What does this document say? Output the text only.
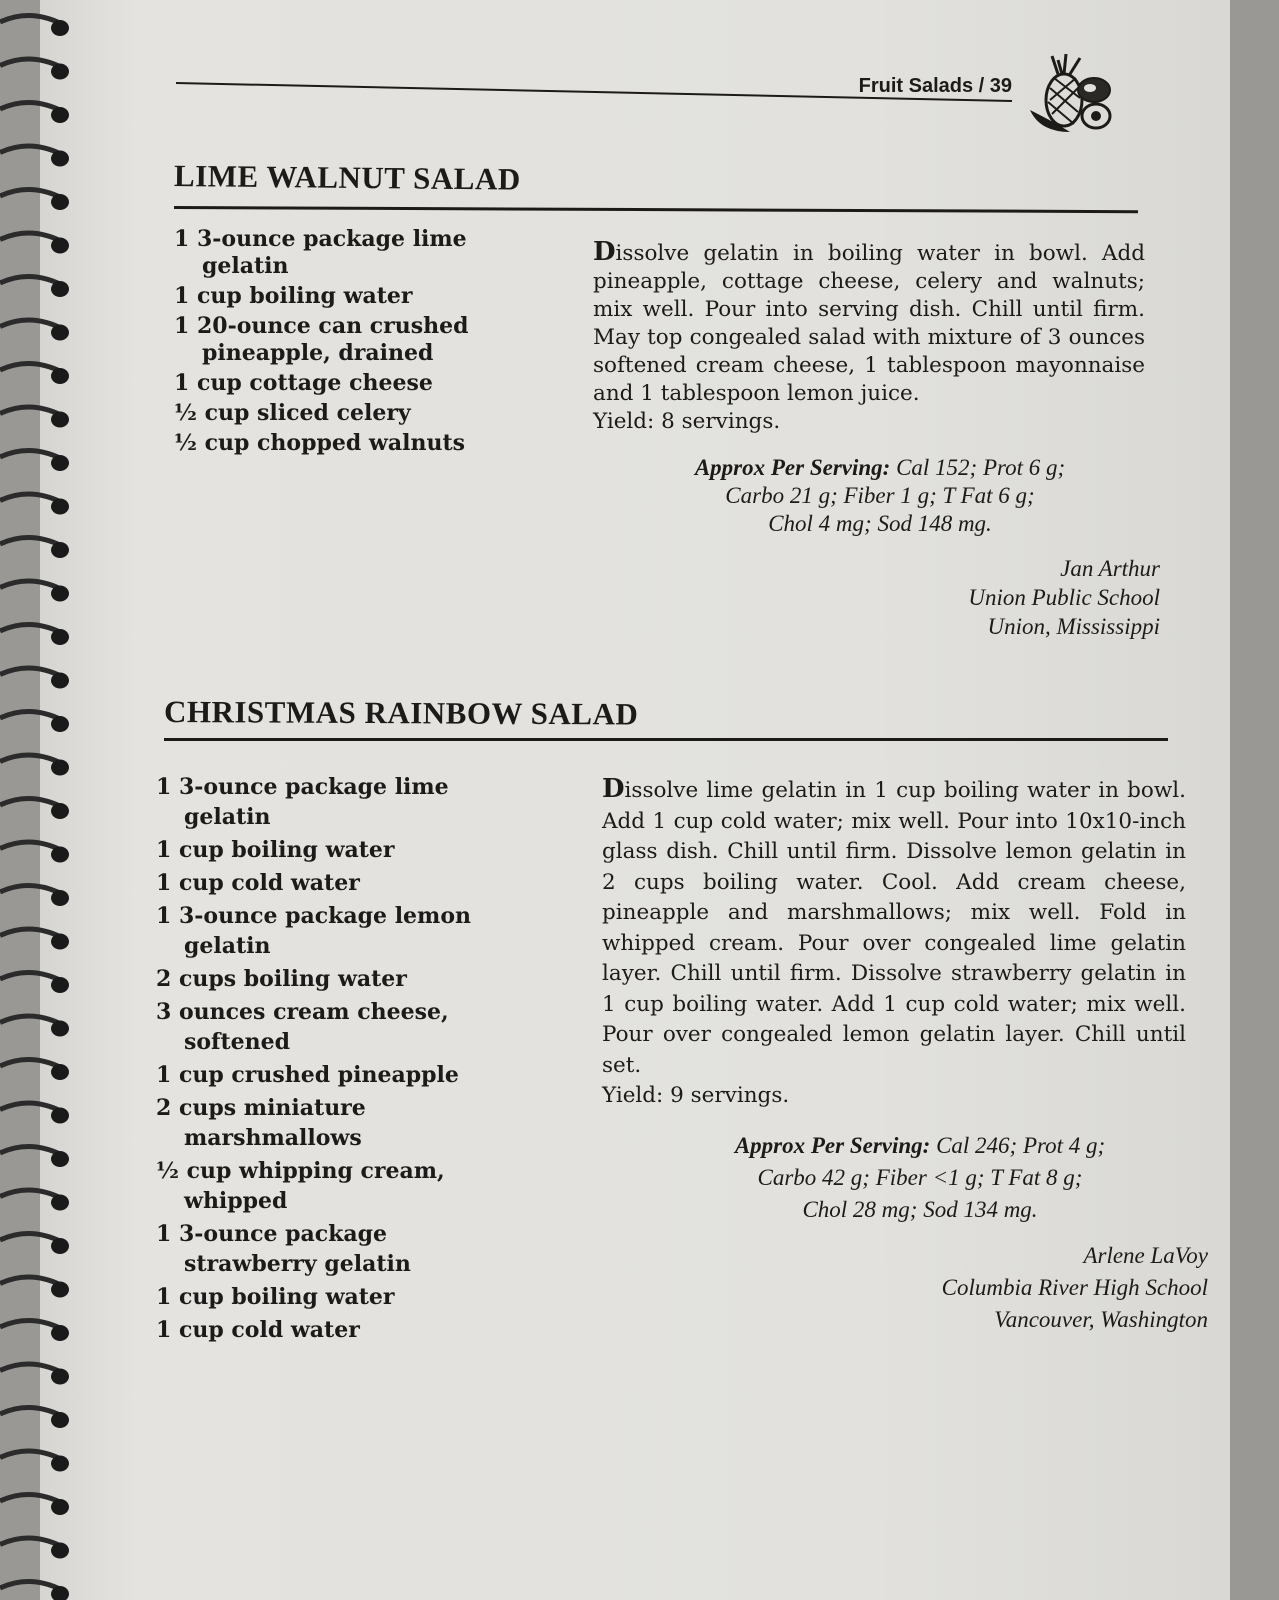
Fruit Salads / 39
LIME WALNUT SALAD
1 3-ounce package lime gelatin
1 cup boiling water
1 20-ounce can crushed pineapple, drained
1 cup cottage cheese
½ cup sliced celery
½ cup chopped walnuts

Dissolve gelatin in boiling water in bowl. Add pineapple, cottage cheese, celery and walnuts; mix well. Pour into serving dish. Chill until firm. May top congealed salad with mixture of 3 ounces softened cream cheese, 1 tablespoon mayonnaise and 1 tablespoon lemon juice.
Yield: 8 servings.

Approx Per Serving: Cal 152; Prot 6 g;
Carbo 21 g; Fiber 1 g; T Fat 6 g;
Chol 4 mg; Sod 148 mg.
Jan Arthur
Union Public School
Union, Mississippi
CHRISTMAS RAINBOW SALAD
1 3-ounce package lime gelatin
1 cup boiling water
1 cup cold water
1 3-ounce package lemon gelatin
2 cups boiling water
3 ounces cream cheese, softened
1 cup crushed pineapple
2 cups miniature marshmallows
½ cup whipping cream, whipped
1 3-ounce package strawberry gelatin
1 cup boiling water
1 cup cold water

Dissolve lime gelatin in 1 cup boiling water in bowl. Add 1 cup cold water; mix well. Pour into 10x10-inch glass dish. Chill until firm. Dissolve lemon gelatin in 2 cups boiling water. Cool. Add cream cheese, pineapple and marshmallows; mix well. Fold in whipped cream. Pour over congealed lime gelatin layer. Chill until firm. Dissolve strawberry gelatin in 1 cup boiling water. Add 1 cup cold water; mix well. Pour over congealed lemon gelatin layer. Chill until set.
Yield: 9 servings.

Approx Per Serving: Cal 246; Prot 4 g;
Carbo 42 g; Fiber <1 g; T Fat 8 g;
Chol 28 mg; Sod 134 mg.
Arlene LaVoy
Columbia River High School
Vancouver, Washington
